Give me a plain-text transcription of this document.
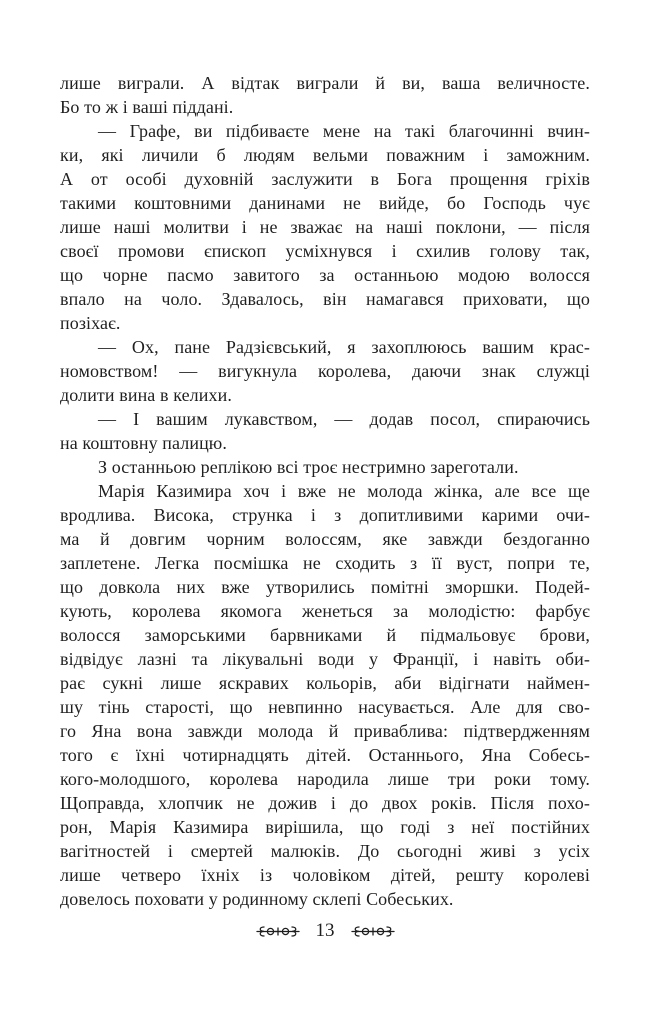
лише виграли. А відтак виграли й ви, ваша величносте.
Бо то ж і ваші піддані.
— Графе, ви підбиваєте мене на такі благочинні вчин-
ки, які личили б людям вельми поважним і заможним.
А от особі духовній заслужити в Бога прощення гріхів
такими коштовними данинами не вийде, бо Господь чує
лише наші молитви і не зважає на наші поклони, — після
своєї промови єпископ усміхнувся і схилив голову так,
що чорне пасмо завитого за останньою модою волосся
впало на чоло. Здавалось, він намагався приховати, що
позіхає.
— Ох, пане Радзієвський, я захоплююсь вашим крас-
номовством! — вигукнула королева, даючи знак служці
долити вина в келихи.
— І вашим лукавством, — додав посол, спираючись
на коштовну палицю.
З останньою реплікою всі троє нестримно зареготали.
Марія Казимира хоч і вже не молода жінка, але все ще
вродлива. Висока, струнка і з допитливими карими очи-
ма й довгим чорним волоссям, яке завжди бездоганно
заплетене. Легка посмішка не сходить з її вуст, попри те,
що довкола них вже утворились помітні зморшки. Подей-
кують, королева якомога женеться за молодістю: фарбує
волосся заморськими барвниками й підмальовує брови,
відвідує лазні та лікувальні води у Франції, і навіть оби-
рає сукні лише яскравих кольорів, аби відігнати наймен-
шу тінь старості, що невпинно насувається. Але для сво-
го Яна вона завжди молода й приваблива: підтвердженням
того є їхні чотирнадцять дітей. Останнього, Яна Собесь-
кого-молодшого, королева народила лише три роки тому.
Щоправда, хлопчик не дожив і до двох років. Після похо-
рон, Марія Казимира вирішила, що годі з неї постійних
вагітностей і смертей малюків. До сьогодні живі з усіх
лише четверо їхніх із чоловіком дітей, решту королеві
довелось поховати у родинному склепі Собеських.
13
